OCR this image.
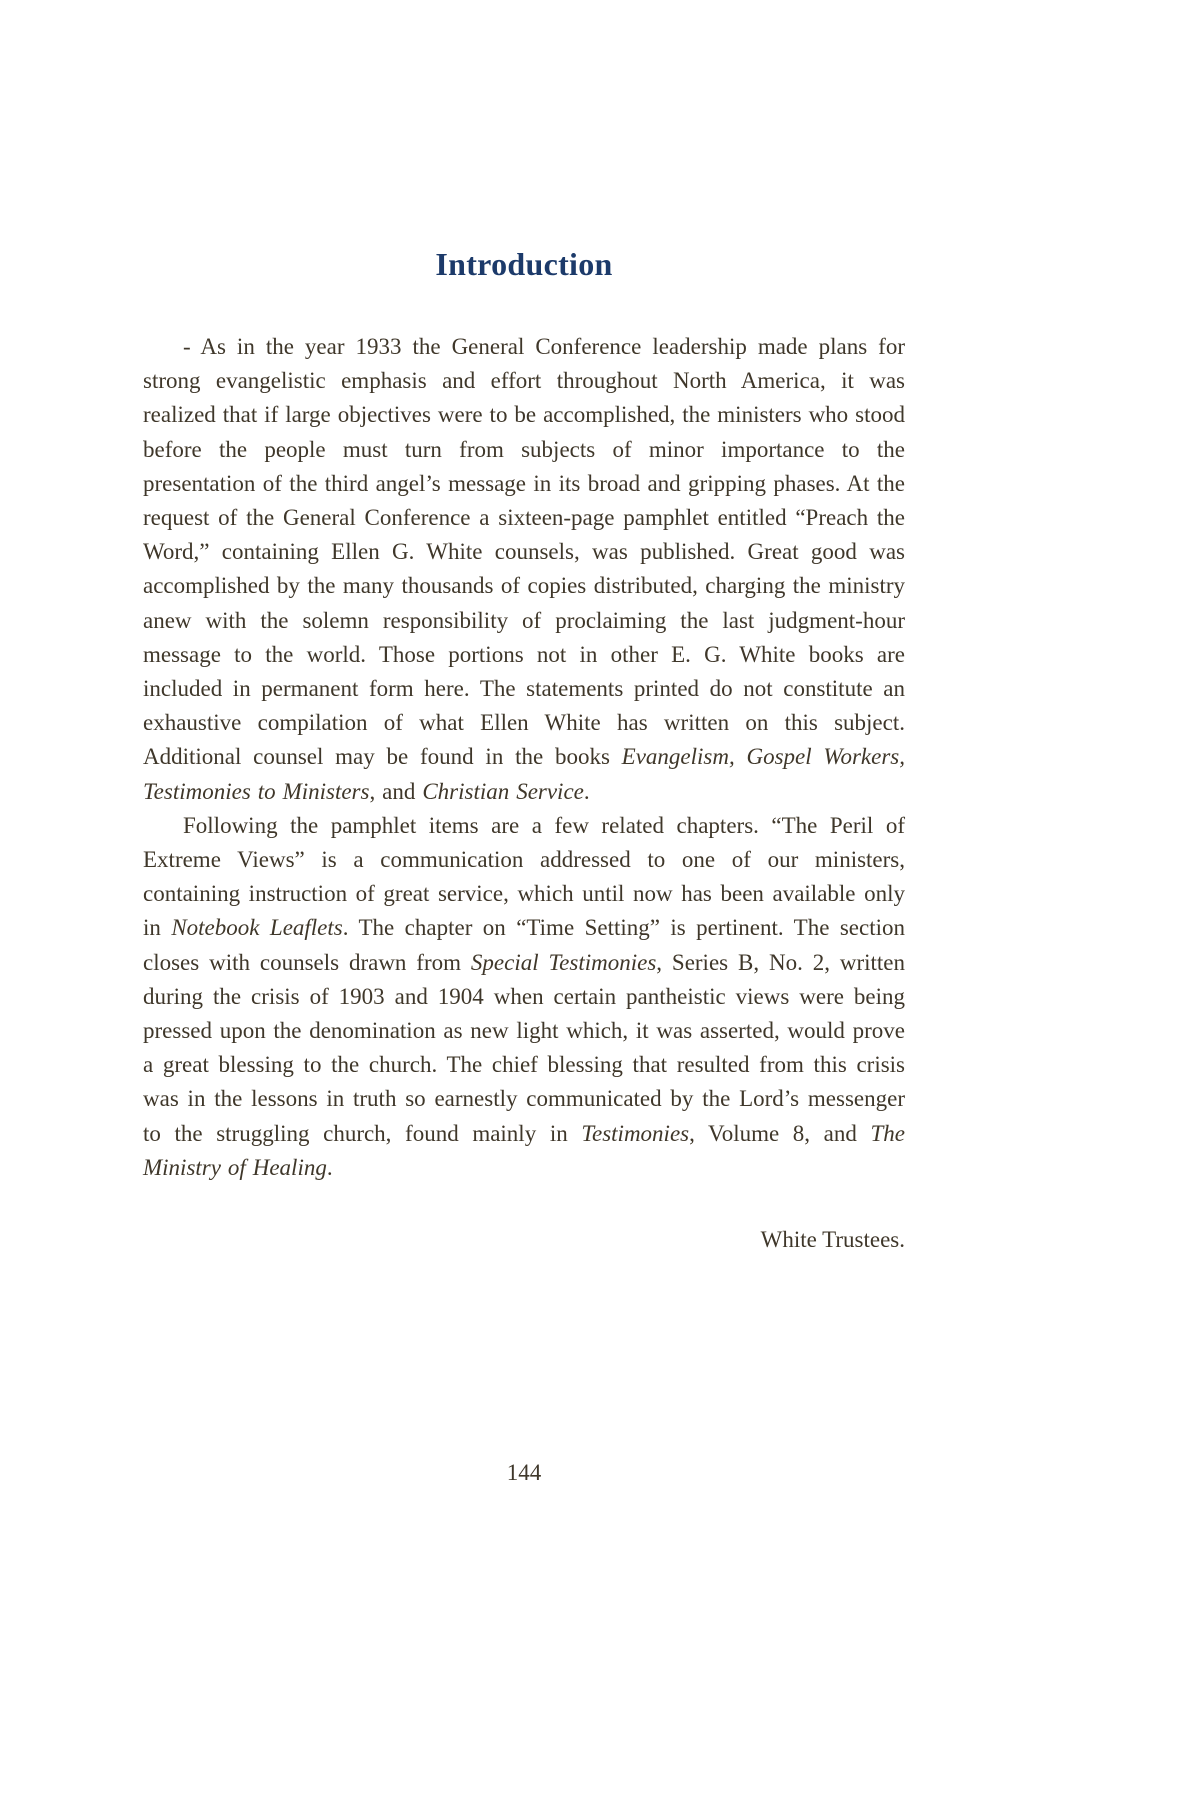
Introduction

- As in the year 1933 the General Conference leadership made plans for strong evangelistic emphasis and effort throughout North America, it was realized that if large objectives were to be accomplished, the ministers who stood before the people must turn from subjects of minor importance to the presentation of the third angel’s message in its broad and gripping phases. At the request of the General Conference a sixteen-page pamphlet entitled “Preach the Word,” containing Ellen G. White counsels, was published. Great good was accomplished by the many thousands of copies distributed, charging the ministry anew with the solemn responsibility of proclaiming the last judgment-hour message to the world. Those portions not in other E. G. White books are included in permanent form here. The statements printed do not constitute an exhaustive compilation of what Ellen White has written on this subject. Additional counsel may be found in the books Evangelism, Gospel Workers, Testimonies to Ministers, and Christian Service.

Following the pamphlet items are a few related chapters. “The Peril of Extreme Views” is a communication addressed to one of our ministers, containing instruction of great service, which until now has been available only in Notebook Leaflets. The chapter on “Time Setting” is pertinent. The section closes with counsels drawn from Special Testimonies, Series B, No. 2, written during the crisis of 1903 and 1904 when certain pantheistic views were being pressed upon the denomination as new light which, it was asserted, would prove a great blessing to the church. The chief blessing that resulted from this crisis was in the lessons in truth so earnestly communicated by the Lord’s messenger to the struggling church, found mainly in Testimonies, Volume 8, and The Ministry of Healing.

White Trustees.
144
